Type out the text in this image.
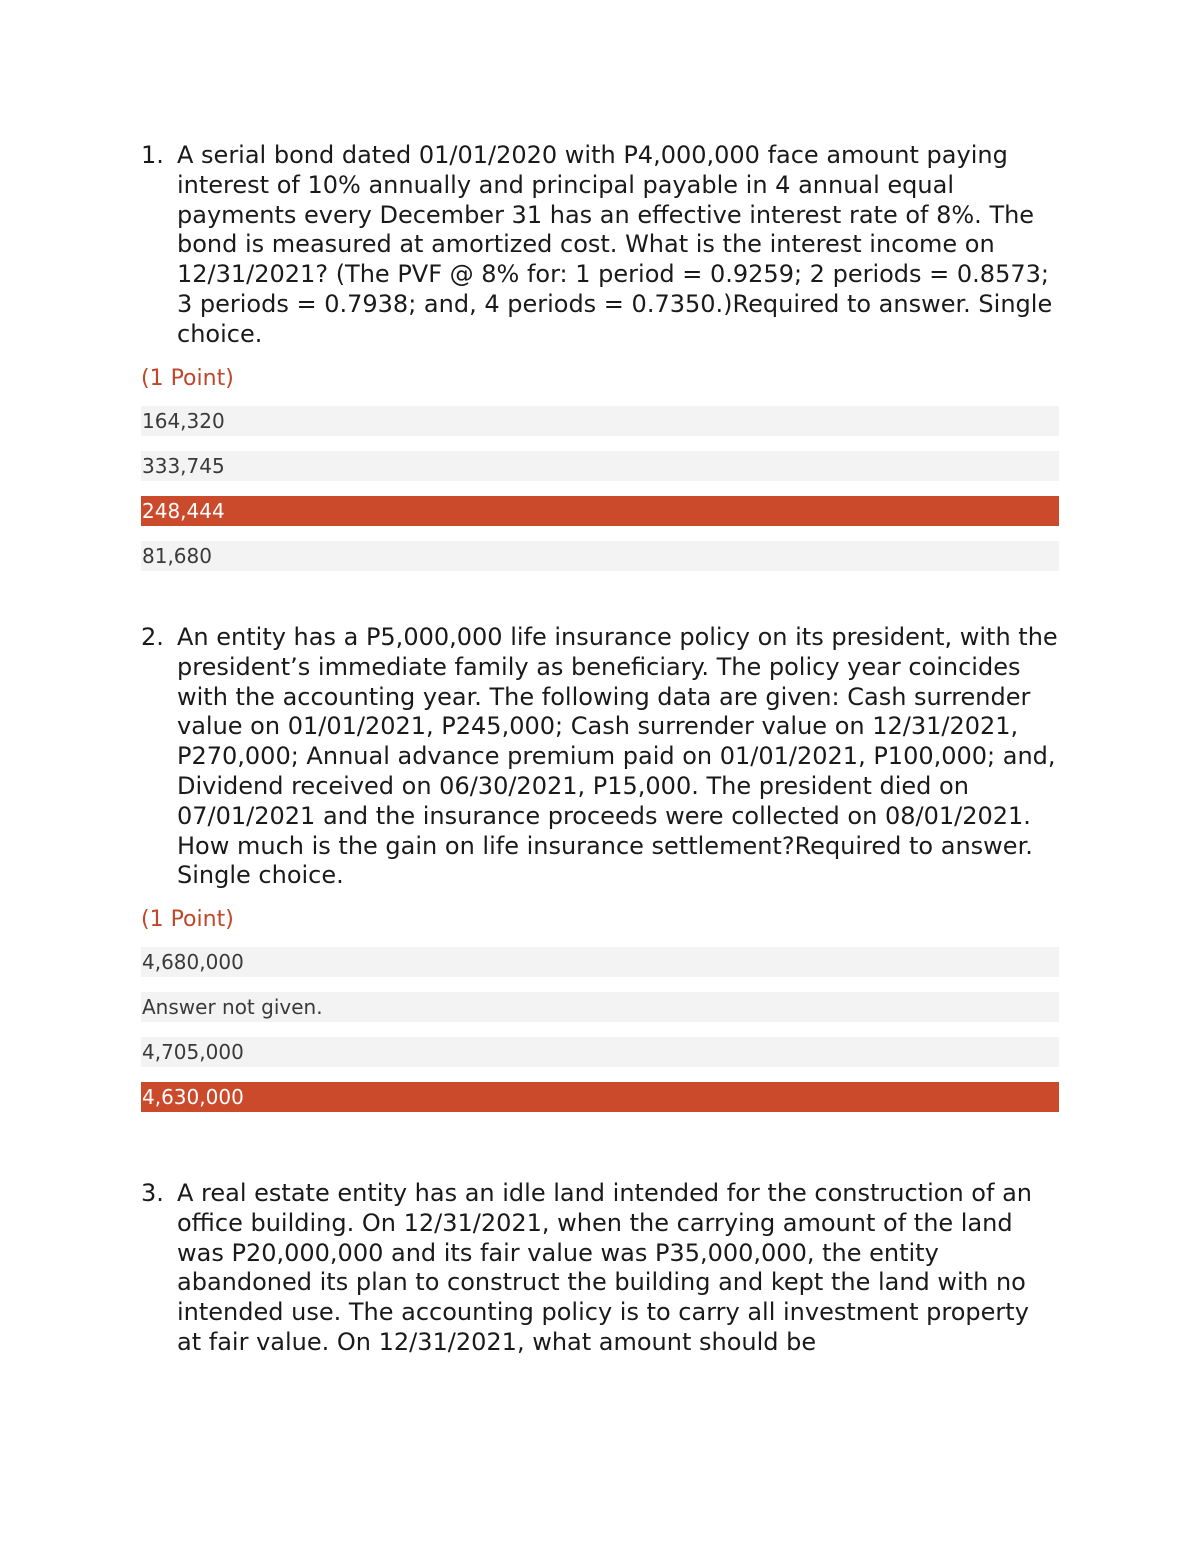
1. A serial bond dated 01/01/2020 with P4,000,000 face amount paying interest of 10% annually and principal payable in 4 annual equal payments every December 31 has an effective interest rate of 8%. The bond is measured at amortized cost. What is the interest income on 12/31/2021? (The PVF @ 8% for: 1 period = 0.9259; 2 periods = 0.8573; 3 periods = 0.7938; and, 4 periods = 0.7350.)Required to answer. Single choice.

(1 Point)
164,320
333,745
248,444
81,680

2. An entity has a P5,000,000 life insurance policy on its president, with the president’s immediate family as beneficiary. The policy year coincides with the accounting year. The following data are given: Cash surrender value on 01/01/2021, P245,000; Cash surrender value on 12/31/2021, P270,000; Annual advance premium paid on 01/01/2021, P100,000; and, Dividend received on 06/30/2021, P15,000. The president died on 07/01/2021 and the insurance proceeds were collected on 08/01/2021. How much is the gain on life insurance settlement?Required to answer. Single choice.

(1 Point)
4,680,000
Answer not given.
4,705,000
4,630,000

3. A real estate entity has an idle land intended for the construction of an office building. On 12/31/2021, when the carrying amount of the land was P20,000,000 and its fair value was P35,000,000, the entity abandoned its plan to construct the building and kept the land with no intended use. The accounting policy is to carry all investment property at fair value. On 12/31/2021, what amount should be
